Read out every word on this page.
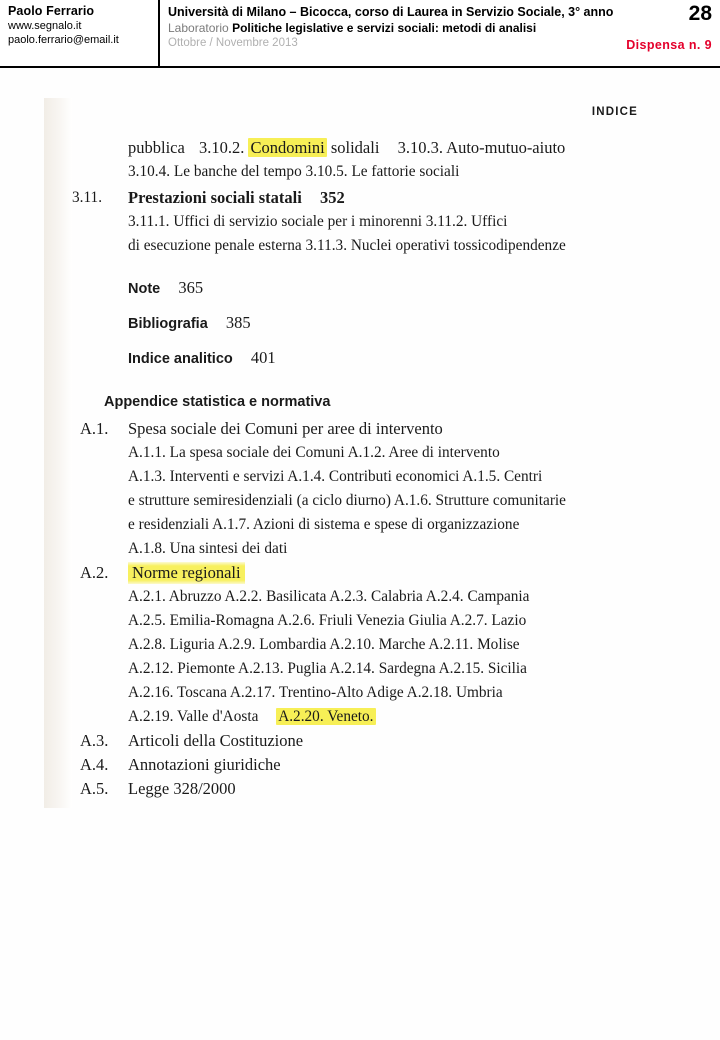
Paolo Ferrario
www.segnalo.it
paolo.ferrario@email.it
Università di Milano – Bicocca, corso di Laurea in Servizio Sociale, 3° anno
Laboratorio Politiche legislative e servizi sociali: metodi di analisi
Ottobre / Novembre 2013
28
Dispensa n. 9
INDICE
pubblica 3.10.2. Condomini solidali 3.10.3. Auto-mutuo-aiuto
3.10.4. Le banche del tempo 3.10.5. Le fattorie sociali
3.11. Prestazioni sociali statali 352
3.11.1. Uffici di servizio sociale per i minorenni 3.11.2. Uffici
di esecuzione penale esterna 3.11.3. Nuclei operativi tossicodipendenze
Note 365
Bibliografia 385
Indice analitico 401
Appendice statistica e normativa
A.1. Spesa sociale dei Comuni per aree di intervento
A.1.1. La spesa sociale dei Comuni A.1.2. Aree di intervento
A.1.3. Interventi e servizi A.1.4. Contributi economici A.1.5. Centri
e strutture semiresidenziali (a ciclo diurno) A.1.6. Strutture comunitarie
e residenziali A.1.7. Azioni di sistema e spese di organizzazione
A.1.8. Una sintesi dei dati
A.2. Norme regionali
A.2.1. Abruzzo A.2.2. Basilicata A.2.3. Calabria A.2.4. Campania
A.2.5. Emilia-Romagna A.2.6. Friuli Venezia Giulia A.2.7. Lazio
A.2.8. Liguria A.2.9. Lombardia A.2.10. Marche A.2.11. Molise
A.2.12. Piemonte A.2.13. Puglia A.2.14. Sardegna A.2.15. Sicilia
A.2.16. Toscana A.2.17. Trentino-Alto Adige A.2.18. Umbria
A.2.19. Valle d'Aosta A.2.20. Veneto.
A.3. Articoli della Costituzione
A.4. Annotazioni giuridiche
A.5. Legge 328/2000
